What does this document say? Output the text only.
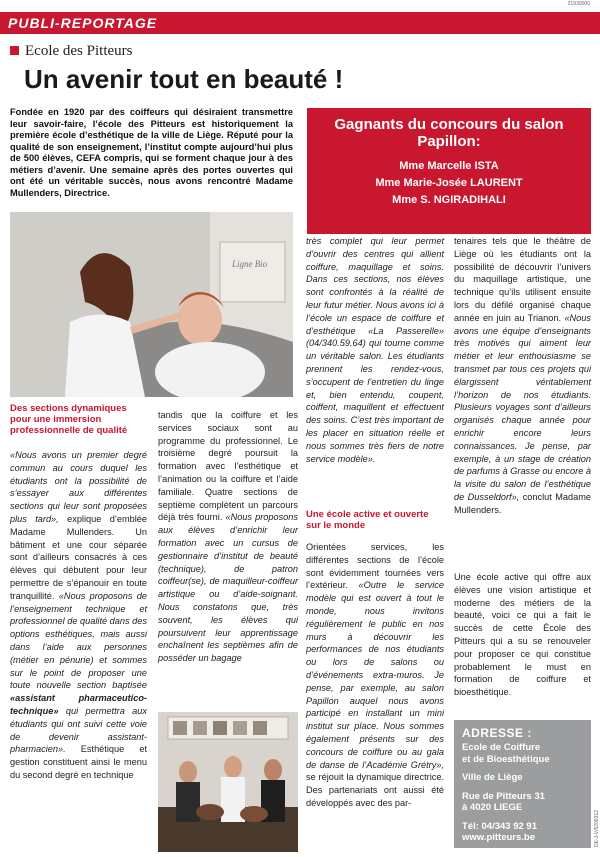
21930000
PUBLI-REPORTAGE
Ecole des Pitteurs
Un avenir tout en beauté !
Fondée en 1920 par des coiffeurs qui désiraient transmettre leur savoir-faire, l’école des Pitteurs est historiquement la première école d’esthétique de la ville de Liège. Réputé pour la qualité de son enseignement, l’institut compte aujourd’hui plus de 500 élèves, CEFA compris, qui se forment chaque jour à des métiers d’avenir. Une semaine après des portes ouvertes qui ont été un véritable succès, nous avons rencontré Madame Mullenders, Directrice.
Gagnants du concours du salon Papillon:
Mme Marcelle ISTA
Mme Marie-Josée LAURENT
Mme S. NGIRADIHALI
Ligne Bio
Des sections dynamiques pour une immersion professionnelle de qualité
«Nous avons un premier degré commun au cours duquel les étudiants ont la possibilité de s’essayer aux différentes sections qui leur sont proposées plus tard», explique d’emblée Madame Mullenders. Un bâtiment et une cour séparée sont d’ailleurs consacrés à ces élèves qui débutent pour leur permettre de s’épanouir en toute tranquillité. «Nous proposons de l’enseignement technique et professionnel de qualité dans des options esthétiques, mais aussi dans l’aide aux personnes (métier en pénurie) et sommes sur le point de proposer une toute nouvelle section baptisée «assistant pharmaceutico-technique» qui permettra aux étudiants qui ont suivi cette voie de devenir assistant-pharmacien». Esthétique et gestion constituent ainsi le menu du second degré en technique
tandis que la coiffure et les services sociaux sont au programme du professionnel. Le troisième degré poursuit la formation avec l’esthétique et l’animation ou la coiffure et l’aide familiale. Quatre sections de septième complètent un parcours déjà très fourni. «Nous proposons aux élèves d’enrichir leur formation avec un cursus de gestionnaire d’institut de beauté (technique), de patron coiffeur(se), de maquilleur-coiffeur artistique ou d’aide-soignant. Nous constatons que, très souvent, les élèves qui poursuivent leur apprentissage enchaînent les septièmes afin de posséder un bagage
très complet qui leur permet d’ouvrir des centres qui allient coiffure, maquillage et soins. Dans ces sections, nos élèves sont confrontés à la réalité de leur futur métier. Nous avons ici à l’école un espace de coiffure et d’esthétique «La Passerelle» (04/340.59.64) qui tourne comme un véritable salon. Les étudiants prennent les rendez-vous, s’occupent de l’entretien du linge et, bien entendu, coupent, coiffent, maquillent et effectuent des soins. C’est très important de les placer en situation réelle et nous sommes très fiers de notre service modèle».
Une école active et ouverte sur le monde
Orientées services, les différentes sections de l’école sont évidemment tournées vers l’extérieur. «Outre le service modèle qui est ouvert à tout le monde, nous invitons régulièrement le public en nos murs à découvrir les performances de nos étudiants ou lors de salons ou d’événements extra-muros. Je pense, par exemple, au salon Papillon auquel nous avons participé en installant un mini institut sur place. Nous sommes également présents sur des concours de coiffure ou au gala de danse de l’Académie Grétry», se réjouit la dynamique directrice. Des partenariats ont aussi été développés avec des par-
tenaires tels que le théâtre de Liège où les étudiants ont la possibilité de découvrir l’univers du maquillage artistique, une technique qu’ils utilisent ensuite lors du défilé organisé chaque année en juin au Trianon. «Nous avons une équipe d’enseignants très motivés qui aiment leur métier et leur enthousiasme se transmet par tous ces projets qui élargissent véritablement l’horizon de nos étudiants. Plusieurs voyages sont d’ailleurs organisés chaque année pour enrichir encore leurs connaissances. Je pense, par exemple, à un stage de création de parfums à Grasse ou encore à la visite du salon de l’esthétique de Dusseldorf», conclut Madame Mullenders.
Une école active qui offre aux élèves une vision artistique et moderne des métiers de la beauté, voici ce qui a fait le succès de cette École des Pitteurs qui a su se renouveler pour proposer ce qui constitue probablement le must en formation de coiffure et bioesthétique.
ADRESSE :
Ecole de Coiffure
et de Bioesthétique
Ville de Liège
Rue de Pitteurs 31
à 4020 LIEGE
Tél: 04/343 92 91
www.pitteurs.be	DE-J-V/5208312
